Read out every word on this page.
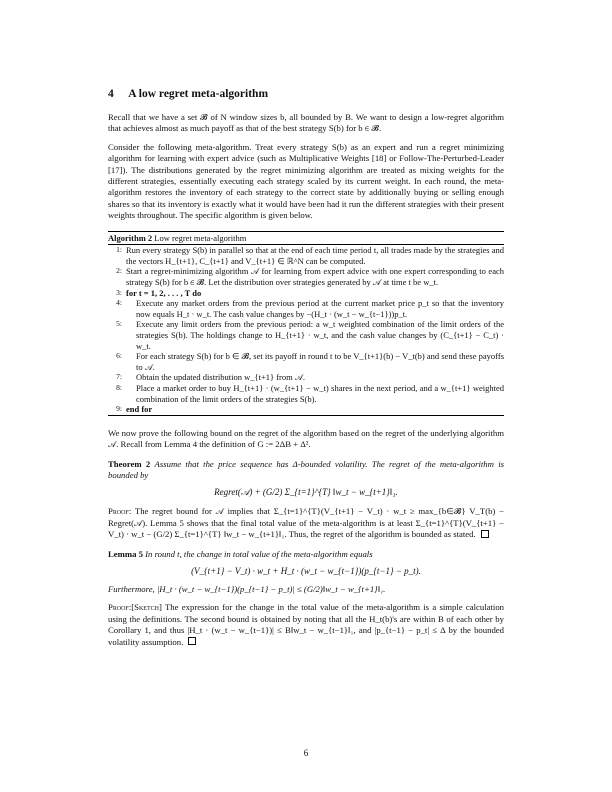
4 A low regret meta-algorithm

Recall that we have a set 𝓑 of N window sizes b, all bounded by B. We want to design a low-regret algorithm that achieves almost as much payoff as that of the best strategy S(b) for b ∈ 𝓑.

Consider the following meta-algorithm. Treat every strategy S(b) as an expert and run a regret minimizing algorithm for learning with expert advice (such as Multiplicative Weights [18] or Follow-The-Perturbed-Leader [17]). The distributions generated by the regret minimizing algorithm are treated as mixing weights for the different strategies, essentially executing each strategy scaled by its current weight. In each round, the meta-algorithm restores the inventory of each strategy to the correct state by additionally buying or selling enough shares so that its inventory is exactly what it would have been had it run the different strategies with their present weights throughout. The specific algorithm is given below.

Algorithm 2 Low regret meta-algorithm
1: Run every strategy S(b) in parallel so that at the end of each time period t, all trades made by the strategies and the vectors H_{t+1}, C_{t+1} and V_{t+1} ∈ ℝ^N can be computed.
2: Start a regret-minimizing algorithm 𝒜 for learning from expert advice with one expert corresponding to each strategy S(b) for b ∈ 𝓑. Let the distribution over strategies generated by 𝒜 at time t be w_t.
3: for t = 1, 2, . . . , T do
4:	Execute any market orders from the previous period at the current market price p_t so that the inventory now equals H_t · w_t. The cash value changes by −(H_t · (w_t − w_{t−1}))p_t.
5:	Execute any limit orders from the previous period: a w_t weighted combination of the limit orders of the strategies S(b). The holdings change to H_{t+1} · w_t, and the cash value changes by (C_{t+1} − C_t) · w_t.
6:	For each strategy S(b) for b ∈ 𝓑, set its payoff in round t to be V_{t+1}(b) − V_t(b) and send these payoffs to 𝒜.
7:	Obtain the updated distribution w_{t+1} from 𝒜.
8:	Place a market order to buy H_{t+1} · (w_{t+1} − w_t) shares in the next period, and a w_{t+1} weighted combination of the limit orders of the strategies S(b).
9: end for

We now prove the following bound on the regret of the algorithm based on the regret of the underlying algorithm 𝒜. Recall from Lemma 4 the definition of G := 2ΔB + Δ².

Theorem 2 Assume that the price sequence has Δ-bounded volatility. The regret of the meta-algorithm is bounded by
Regret(𝒜) + (G/2) Σ_{t=1}^{T} ‖w_t − w_{t+1}‖₁.

Proof: The regret bound for 𝒜 implies that Σ_{t=1}^{T}(V_{t+1} − V_t) · w_t ≥ max_{b∈𝓑} V_T(b) − Regret(𝒜). Lemma 5 shows that the final total value of the meta-algorithm is at least Σ_{t=1}^{T}(V_{t+1} − V_t) · w_t − (G/2) Σ_{t=1}^{T} ‖w_t − w_{t+1}‖₁. Thus, the regret of the algorithm is bounded as stated.

Lemma 5 In round t, the change in total value of the meta-algorithm equals
(V_{t+1} − V_t) · w_t + H_t · (w_t − w_{t−1})(p_{t−1} − p_t).

Furthermore, |H_t · (w_t − w_{t−1})(p_{t−1} − p_t)| ≤ (G/2)‖w_t − w_{t+1}‖₁.

Proof:[Sketch] The expression for the change in the total value of the meta-algorithm is a simple calculation using the definitions. The second bound is obtained by noting that all the H_t(b)'s are within B of each other by Corollary 1, and thus |H_t · (w_t − w_{t−1})| ≤ B‖w_t − w_{t−1}‖₁, and |p_{t−1} − p_t| ≤ Δ by the bounded volatility assumption.

6
